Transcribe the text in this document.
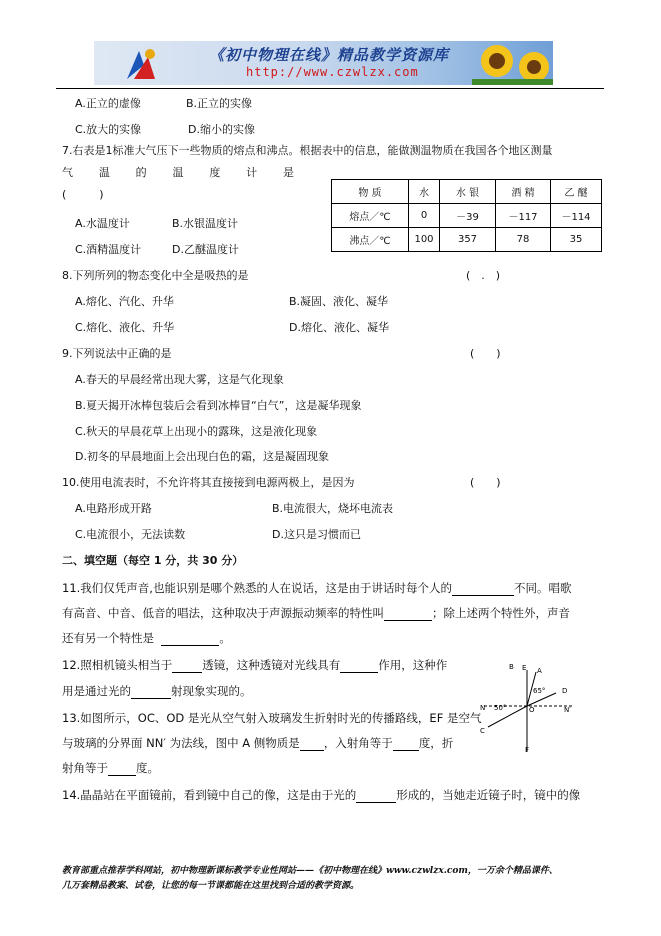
《初中物理在线》精品教学资源库
http://www.czwlzx.com
A.正立的虚像	B.正立的实像
C.放大的实像	D.缩小的实像
7.右表是1标准大气压下一些物质的熔点和沸点。根据表中的信息，能做测温物质在我国各个地区测量
气 温 的 温 度 计 是
(　　　)
A.水温度计	B.水银温度计
C.酒精温度计	D.乙醚温度计
物 质	水	水 银	酒 精	乙 醚
熔点／℃	0	－39	－117	－114
沸点／℃	100	357	78	35
8.下列所列的物态变化中全是吸热的是	(　.　)
A.熔化、汽化、升华	B.凝固、液化、凝华
C.熔化、液化、升华	D.熔化、液化、凝华
9.下列说法中正确的是	(　　)
A.春天的早晨经常出现大雾，这是气化现象
B.夏天揭开冰棒包装后会看到冰棒冒“白气”，这是凝华现象
C.秋天的早晨花草上出现小的露珠，这是液化现象
D.初冬的早晨地面上会出现白色的霜，这是凝固现象
10.使用电流表时，不允许将其直接接到电源两极上，是因为	(　　)
A.电路形成开路	B.电流很大，烧坏电流表
C.电流很小，无法读数	D.这只是习惯而已
二、填空题（每空 1 分，共 30 分）
11.我们仅凭声音,也能识别是哪个熟悉的人在说话，这是由于讲话时每个人的	不同。唱歌
有高音、中音、低音的唱法，这种取决于声源振动频率的特性叫	；除上述两个特性外，声音
还有另一个特性是	。
12.照相机镜头相当于	透镜，这种透镜对光线具有	作用，这种作
用是通过光的	射现象实现的。
13.如图所示，OC、OD 是光从空气射入玻璃发生折射时光的传播路线，EF 是空气
与玻璃的分界面 NN′ 为法线，图中 A 侧物质是 ，入射角等于 度，折
射角等于 度。
B E A
65° D
N 50°	O	N′
C
F
14.晶晶站在平面镜前，看到镜中自己的像，这是由于光的	形成的，当她走近镜子时，镜中的像
教育部重点推荐学科网站，初中物理新课标教学专业性网站——《初中物理在线》www.czwlzx.com，一万余个精品课件、
几万套精品教案、试卷，让您的每一节课都能在这里找到合适的教学资源。
